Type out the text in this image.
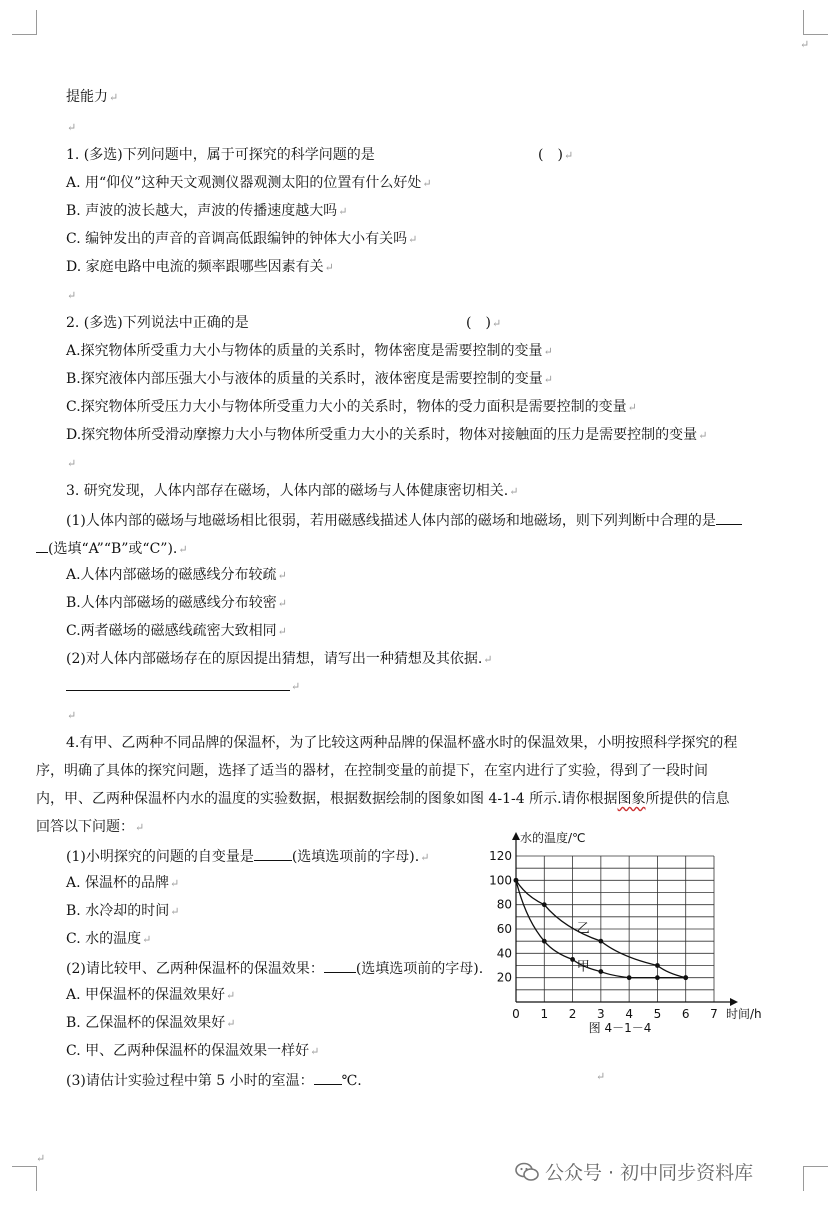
↵
↵
提能力↵
↵
1. (多选)下列问题中，属于可探究的科学问题的是	(　)↵
A. 用“仰仪”这种天文观测仪器观测太阳的位置有什么好处↵
B. 声波的波长越大，声波的传播速度越大吗↵
C. 编钟发出的声音的音调高低跟编钟的钟体大小有关吗↵
D. 家庭电路中电流的频率跟哪些因素有关↵
↵
2. (多选)下列说法中正确的是	(　)↵
A.探究物体所受重力大小与物体的质量的关系时，物体密度是需要控制的变量↵
B.探究液体内部压强大小与液体的质量的关系时，液体密度是需要控制的变量↵
C.探究物体所受压力大小与物体所受重力大小的关系时，物体的受力面积是需要控制的变量↵
D.探究物体所受滑动摩擦力大小与物体所受重力大小的关系时，物体对接触面的压力是需要控制的变量↵
↵
3. 研究发现，人体内部存在磁场，人体内部的磁场与人体健康密切相关.↵
(1)人体内部的磁场与地磁场相比很弱，若用磁感线描述人体内部的磁场和地磁场，则下列判断中合理的是
(选填“A”“B”或“C”).↵
A.人体内部磁场的磁感线分布较疏↵
B.人体内部磁场的磁感线分布较密↵
C.两者磁场的磁感线疏密大致相同↵
(2)对人体内部磁场存在的原因提出猜想，请写出一种猜想及其依据.↵
↵
↵
4.有甲、乙两种不同品牌的保温杯，为了比较这两种品牌的保温杯盛水时的保温效果，小明按照科学探究的程
序，明确了具体的探究问题，选择了适当的器材，在控制变量的前提下，在室内进行了实验，得到了一段时间
内，甲、乙两种保温杯内水的温度的实验数据，根据数据绘制的图象如图 4-1-4 所示.请你根据图象所提供的信息
回答以下问题：↵
(1)小明探究的问题的自变量是	(选填选项前的字母).↵
A. 保温杯的品牌↵
B. 水冷却的时间↵
C. 水的温度↵
(2)请比较甲、乙两种保温杯的保温效果： (选填选项前的字母).
A. 甲保温杯的保温效果好↵
B. 乙保温杯的保温效果好↵
C. 甲、乙两种保温杯的保温效果一样好↵
(3)请估计实验过程中第 5 小时的室温： ℃.	↵
0 1 2 3 4 5 6 7
20
40
60
80
100
120
水的温度/℃
时间/h
图 4－1－4
甲
乙
公众号 · 初中同步资料库
